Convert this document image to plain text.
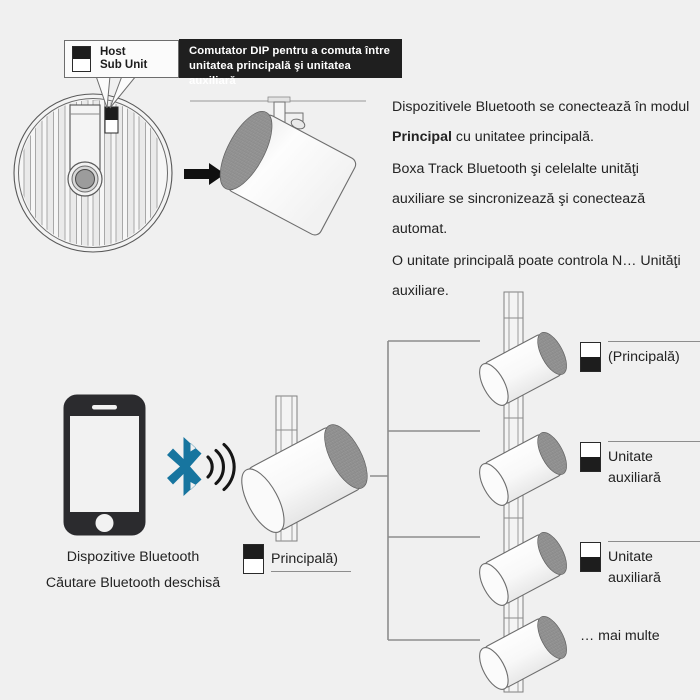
Host
Sub Unit
Comutator DIP pentru a comuta între
unitatea principală şi unitatea auxiliară

Dispozitivele Bluetooth se conectează în modul Principal cu unitatee principală.

Boxa Track Bluetooth şi celelalte unităţi auxiliare se sincronizează şi conectează automat.

O unitate principală poate controla N… Unităţi auxiliare.

Dispozitive Bluetooth
Căutare Bluetooth deschisă
Principală)
(Principală)
Unitate
auxiliară
Unitate
auxiliară
… mai multe
